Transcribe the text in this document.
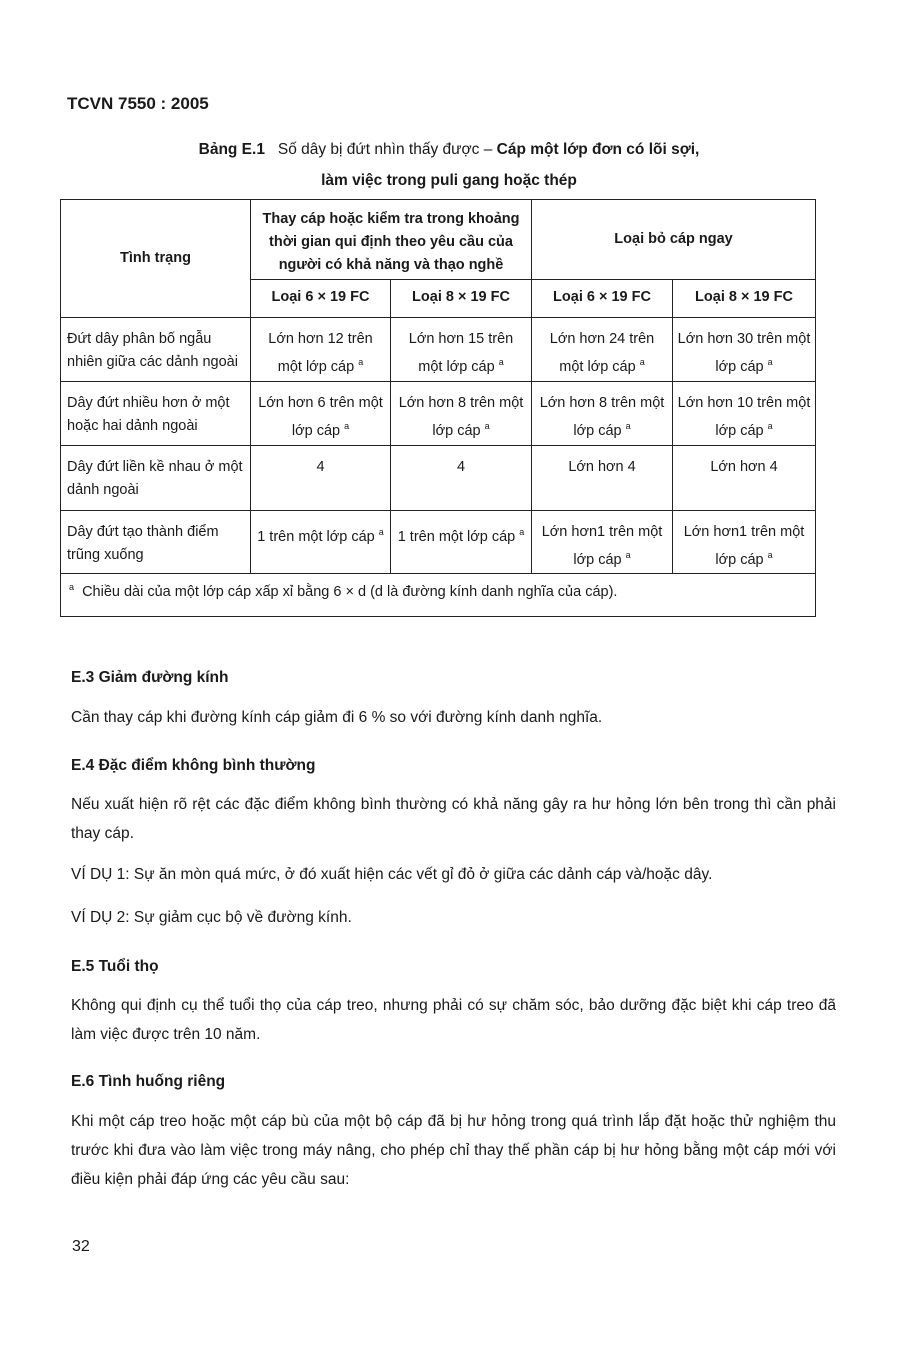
TCVN 7550 : 2005
Bảng E.1 Số dây bị đứt nhìn thấy được – Cáp một lớp đơn có lõi sợi,
làm việc trong puli gang hoặc thép
Tình trạng	Thay cáp hoặc kiểm tra trong khoảng thời gian qui định theo yêu cầu của người có khả năng và thạo nghề		Loại bỏ cáp ngay	
	Loại 6 × 19 FC	Loại 8 × 19 FC	Loại 6 × 19 FC	Loại 8 × 19 FC
Đứt dây phân bố ngẫu nhiên giữa các dảnh ngoài	Lớn hơn 12 trên một lớp cáp $^a$	Lớn hơn 15 trên một lớp cáp $^a$	Lớn hơn 24 trên một lớp cáp $^a$	Lớn hơn 30 trên một lớp cáp $^a$
Dây đứt nhiều hơn ở một hoặc hai dảnh ngoài	Lớn hơn 6 trên một lớp cáp $^a$	Lớn hơn 8 trên một lớp cáp $^a$	Lớn hơn 8 trên một lớp cáp $^a$	Lớn hơn 10 trên một lớp cáp $^a$
Dây đứt liền kề nhau ở một dảnh ngoài	4	4	Lớn hơn 4	Lớn hơn 4
Dây đứt tạo thành điểm trũng xuống	1 trên một lớp cáp $^a$	1 trên một lớp cáp $^a$	Lớn hơn1 trên một lớp cáp $^a$	Lớn hơn1 trên một lớp cáp $^a$
$^a$ Chiều dài của một lớp cáp xấp xỉ bằng 6 × d (d là đường kính danh nghĩa của cáp).				
E.3 Giảm đường kính
Cần thay cáp khi đường kính cáp giảm đi 6 % so với đường kính danh nghĩa.
E.4 Đặc điểm không bình thường
Nếu xuất hiện rõ rệt các đặc điểm không bình thường có khả năng gây ra hư hỏng lớn bên trong thì cần phải thay cáp.
VÍ DỤ 1: Sự ăn mòn quá mức, ở đó xuất hiện các vết gỉ đỏ ở giữa các dảnh cáp và/hoặc dây.
VÍ DỤ 2: Sự giảm cục bộ về đường kính.
E.5 Tuổi thọ
Không qui định cụ thể tuổi thọ của cáp treo, nhưng phải có sự chăm sóc, bảo dưỡng đặc biệt khi cáp treo đã làm việc được trên 10 năm.
E.6 Tình huống riêng
Khi một cáp treo hoặc một cáp bù của một bộ cáp đã bị hư hỏng trong quá trình lắp đặt hoặc thử nghiệm thu trước khi đưa vào làm việc trong máy nâng, cho phép chỉ thay thế phần cáp bị hư hỏng bằng một cáp mới với điều kiện phải đáp ứng các yêu cầu sau:
32
